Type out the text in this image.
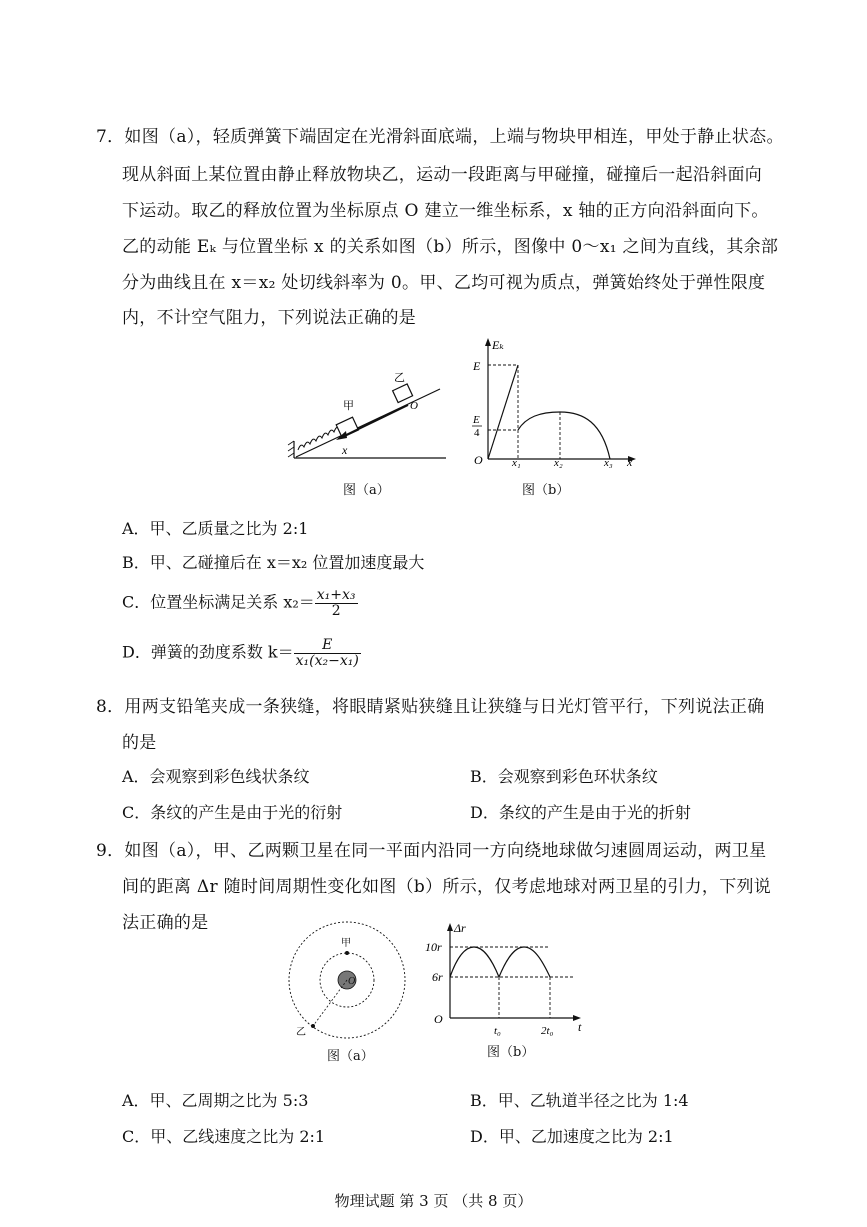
7．如图（a），轻质弹簧下端固定在光滑斜面底端，上端与物块甲相连，甲处于静止状态。
现从斜面上某位置由静止释放物块乙，运动一段距离与甲碰撞，碰撞后一起沿斜面向
下运动。取乙的释放位置为坐标原点 O 建立一维坐标系，x 轴的正方向沿斜面向下。
乙的动能 Eₖ 与位置坐标 x 的关系如图（b）所示，图像中 0～x₁ 之间为直线，其余部
分为曲线且在 x＝x₂ 处切线斜率为 0。甲、乙均可视为质点，弹簧始终处于弹性限度
内，不计空气阻力，下列说法正确的是
甲
乙
O
x
图（a）
Eₖ
E
E
4
O	x₁	x₂	x₃ x
图（b）
A．甲、乙质量之比为 2:1
B．甲、乙碰撞后在 x＝x₂ 位置加速度最大
C．位置坐标满足关系 $x_2= \frac{\text{x₁+x₃}}{2}$
D．弹簧的劲度系数 $k= \frac{E}{\text{x₁(x₂−x₁)}}$
8．用两支铅笔夹成一条狭缝，将眼睛紧贴狭缝且让狭缝与日光灯管平行，下列说法正确
的是
A．会观察到彩色线状条纹	B．会观察到彩色环状条纹
C．条纹的产生是由于光的衍射	D．条纹的产生是由于光的折射
9．如图（a），甲、乙两颗卫星在同一平面内沿同一方向绕地球做匀速圆周运动，两卫星
间的距离 Δr 随时间周期性变化如图（b）所示，仅考虑地球对两卫星的引力，下列说
法正确的是
O
甲
乙
图（a）
Δr
10r
6r
O
t₀	2t₀ t
图（b）
A．甲、乙周期之比为 5:3	B．甲、乙轨道半径之比为 1:4
C．甲、乙线速度之比为 2:1	D．甲、乙加速度之比为 2:1
物理试题 第 3 页 （共 8 页）
